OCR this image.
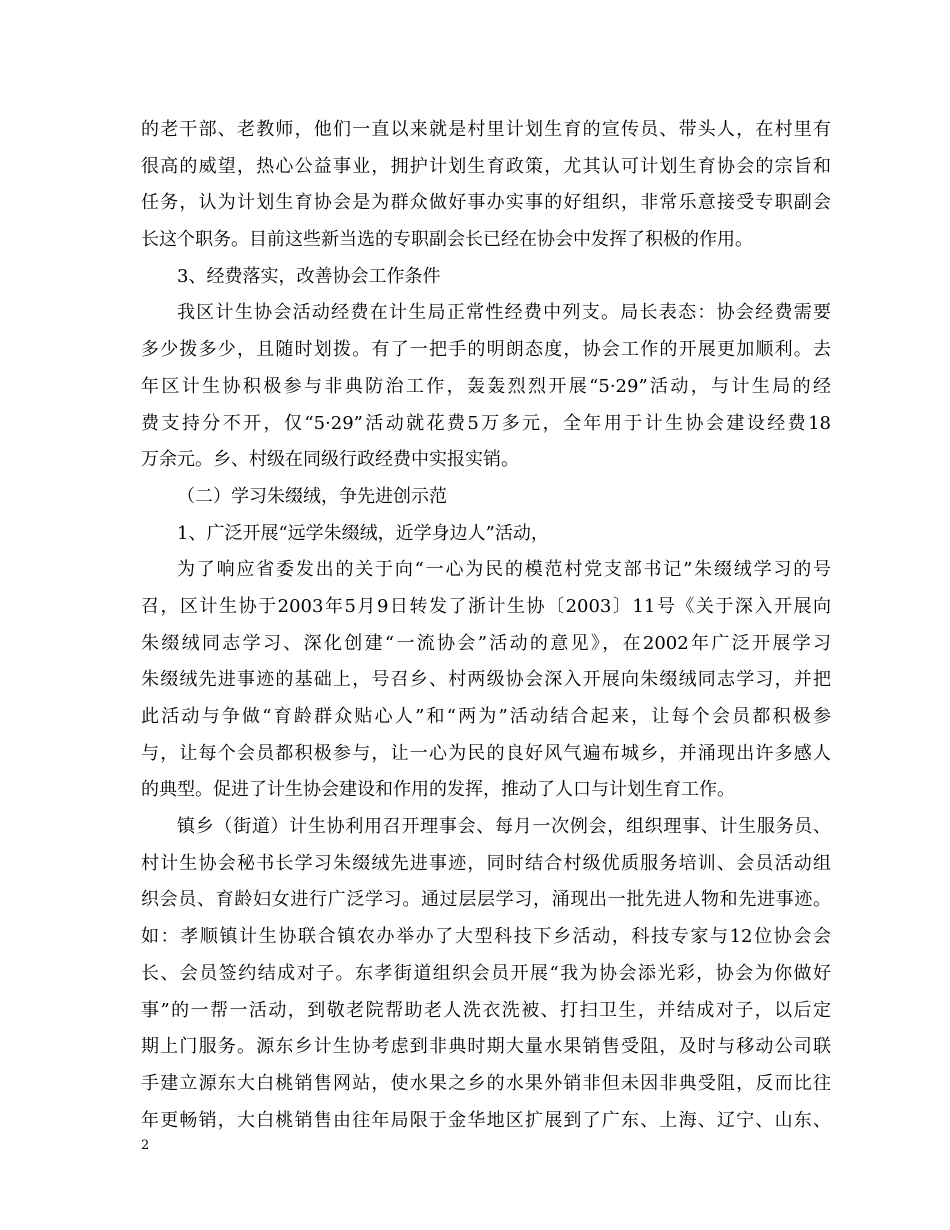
的老干部、老教师，他们一直以来就是村里计划生育的宣传员、带头人，在村里有
很高的威望，热心公益事业，拥护计划生育政策，尤其认可计划生育协会的宗旨和
任务，认为计划生育协会是为群众做好事办实事的好组织，非常乐意接受专职副会
长这个职务。目前这些新当选的专职副会长已经在协会中发挥了积极的作用。
3、经费落实，改善协会工作条件
我区计生协会活动经费在计生局正常性经费中列支。局长表态：协会经费需要
多少拨多少，且随时划拨。有了一把手的明朗态度，协会工作的开展更加顺利。去
年区计生协积极参与非典防治工作，轰轰烈烈开展“5·29”活动，与计生局的经
费支持分不开，仅“5·29”活动就花费5万多元，全年用于计生协会建设经费18
万余元。乡、村级在同级行政经费中实报实销。
（二）学习朱缀绒，争先进创示范
1、广泛开展“远学朱缀绒，近学身边人”活动，
为了响应省委发出的关于向“一心为民的模范村党支部书记”朱缀绒学习的号
召，区计生协于2003年5月9日转发了浙计生协〔2003〕11号《关于深入开展向
朱缀绒同志学习、深化创建“一流协会”活动的意见》，在2002年广泛开展学习
朱缀绒先进事迹的基础上，号召乡、村两级协会深入开展向朱缀绒同志学习，并把
此活动与争做“育龄群众贴心人”和“两为”活动结合起来，让每个会员都积极参
与，让每个会员都积极参与，让一心为民的良好风气遍布城乡，并涌现出许多感人
的典型。促进了计生协会建设和作用的发挥，推动了人口与计划生育工作。
镇乡（街道）计生协利用召开理事会、每月一次例会，组织理事、计生服务员、
村计生协会秘书长学习朱缀绒先进事迹，同时结合村级优质服务培训、会员活动组
织会员、育龄妇女进行广泛学习。通过层层学习，涌现出一批先进人物和先进事迹。
如：孝顺镇计生协联合镇农办举办了大型科技下乡活动，科技专家与12位协会会
长、会员签约结成对子。东孝街道组织会员开展“我为协会添光彩，协会为你做好
事”的一帮一活动，到敬老院帮助老人洗衣洗被、打扫卫生，并结成对子，以后定
期上门服务。源东乡计生协考虑到非典时期大量水果销售受阻，及时与移动公司联
手建立源东大白桃销售网站，使水果之乡的水果外销非但未因非典受阻，反而比往
年更畅销，大白桃销售由往年局限于金华地区扩展到了广东、上海、辽宁、山东、
2
